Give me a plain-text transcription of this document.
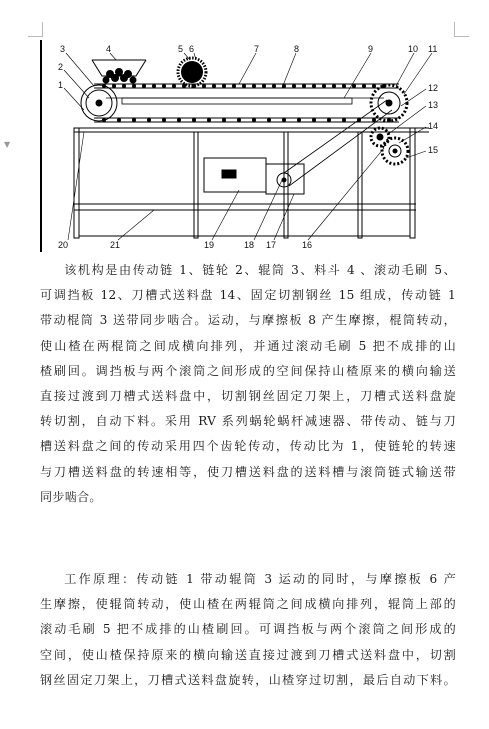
▼
3	4	5 6	7	8	9	10 11
2
1	12
13
14
15
20	21	19	18 17	16
该机构是由传动链 1、链轮 2、辊筒 3、料斗 4 、滚动毛刷 5、
可调挡板 12、刀槽式送料盘 14、固定切割钢丝 15 组成，传动链 1
带动棍筒 3 送带同步啮合。运动，与摩擦板 8 产生摩擦，棍筒转动，
使山楂在两棍筒之间成横向排列，并通过滚动毛刷 5 把不成排的山
楂刷回。调挡板与两个滚筒之间形成的空间保持山楂原来的横向输送
直接过渡到刀槽式送料盘中，切割钢丝固定刀架上，刀槽式送料盘旋
转切割，自动下料。采用 RV 系列蜗轮蜗杆减速器、带传动、链与刀
槽送料盘之间的传动采用四个齿轮传动，传动比为 1，使链轮的转速
与刀槽送料盘的转速相等，使刀槽送料盘的送料槽与滚筒链式输送带
同步啮合。
工作原理：传动链 1 带动辊筒 3 运动的同时，与摩擦板 6 产
生摩擦，使辊筒转动，使山楂在两辊筒之间成横向排列，辊筒上部的
滚动毛刷 5 把不成排的山楂刷回。可调挡板与两个滚筒之间形成的
空间，使山楂保持原来的横向输送直接过渡到刀槽式送料盘中，切割
钢丝固定刀架上，刀槽式送料盘旋转，山楂穿过切割，最后自动下料。
